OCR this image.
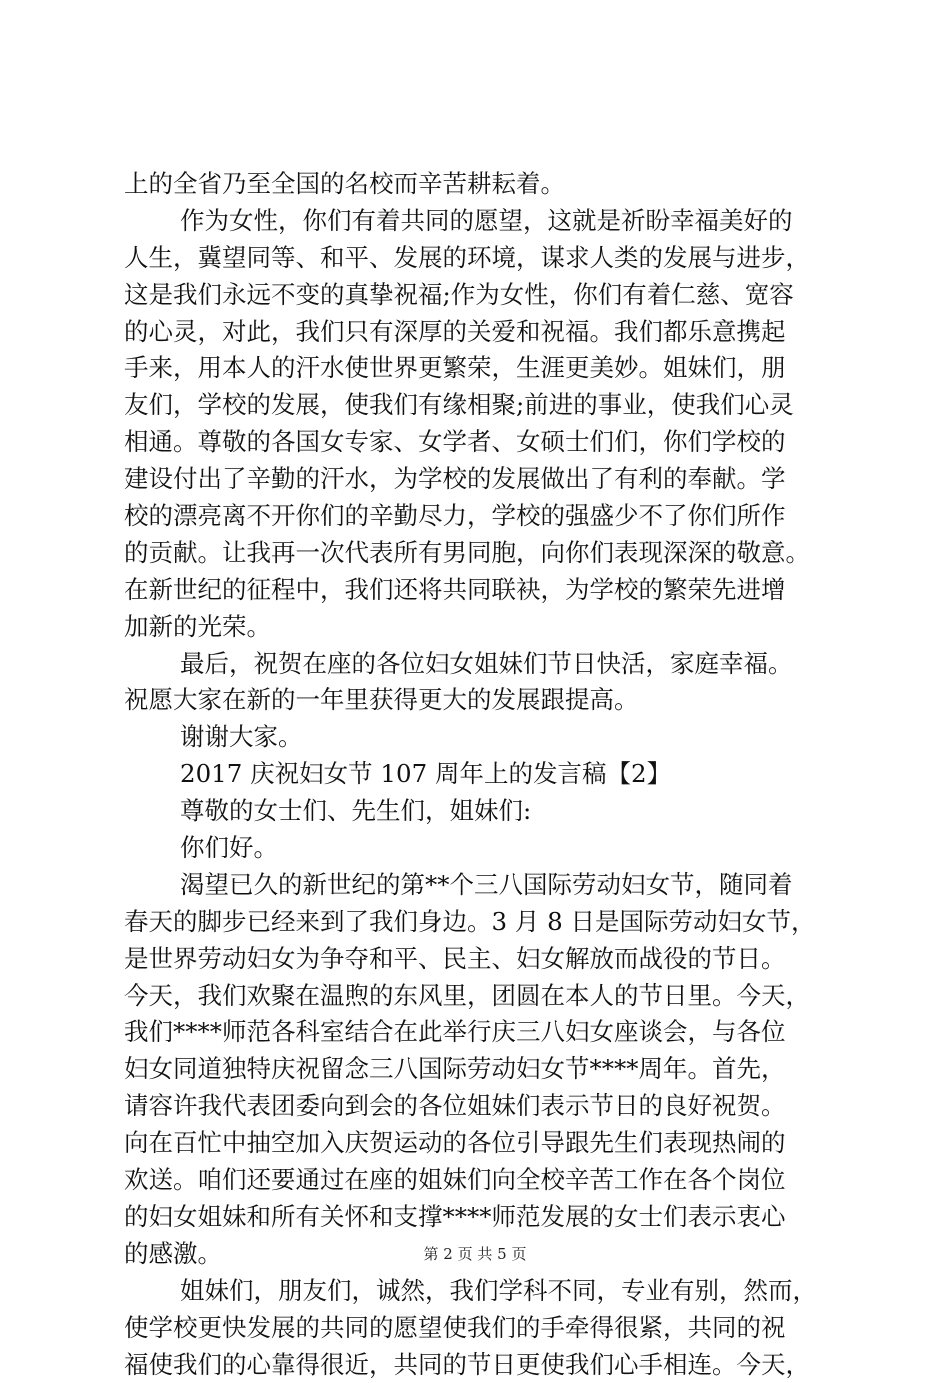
上的全省乃至全国的名校而辛苦耕耘着。
作为女性，你们有着共同的愿望，这就是祈盼幸福美好的
人生，冀望同等、和平、发展的环境，谋求人类的发展与进步，
这是我们永远不变的真挚祝福;作为女性，你们有着仁慈、宽容
的心灵，对此，我们只有深厚的关爱和祝福。我们都乐意携起
手来，用本人的汗水使世界更繁荣，生涯更美妙。姐妹们，朋
友们，学校的发展，使我们有缘相聚;前进的事业，使我们心灵
相通。尊敬的各国女专家、女学者、女硕士们们，你们学校的
建设付出了辛勤的汗水，为学校的发展做出了有利的奉献。学
校的漂亮离不开你们的辛勤尽力，学校的强盛少不了你们所作
的贡献。让我再一次代表所有男同胞，向你们表现深深的敬意。
在新世纪的征程中，我们还将共同联袂，为学校的繁荣先进增
加新的光荣。
最后，祝贺在座的各位妇女姐妹们节日快活，家庭幸福。
祝愿大家在新的一年里获得更大的发展跟提高。
谢谢大家。
2017 庆祝妇女节 107 周年上的发言稿【2】
尊敬的女士们、先生们，姐妹们:
你们好。
渴望已久的新世纪的第**个三八国际劳动妇女节，随同着
春天的脚步已经来到了我们身边。3 月 8 日是国际劳动妇女节，
是世界劳动妇女为争夺和平、民主、妇女解放而战役的节日。
今天，我们欢聚在温煦的东风里，团圆在本人的节日里。今天，
我们****师范各科室结合在此举行庆三八妇女座谈会，与各位
妇女同道独特庆祝留念三八国际劳动妇女节****周年。首先，
请容许我代表团委向到会的各位姐妹们表示节日的良好祝贺。
向在百忙中抽空加入庆贺运动的各位引导跟先生们表现热闹的
欢送。咱们还要通过在座的姐妹们向全校辛苦工作在各个岗位
的妇女姐妹和所有关怀和支撑****师范发展的女士们表示衷心
的感激。
姐妹们，朋友们，诚然，我们学科不同，专业有别，然而，
使学校更快发展的共同的愿望使我们的手牵得很紧，共同的祝
福使我们的心靠得很近，共同的节日更使我们心手相连。今天，
第 2 页 共 5 页
